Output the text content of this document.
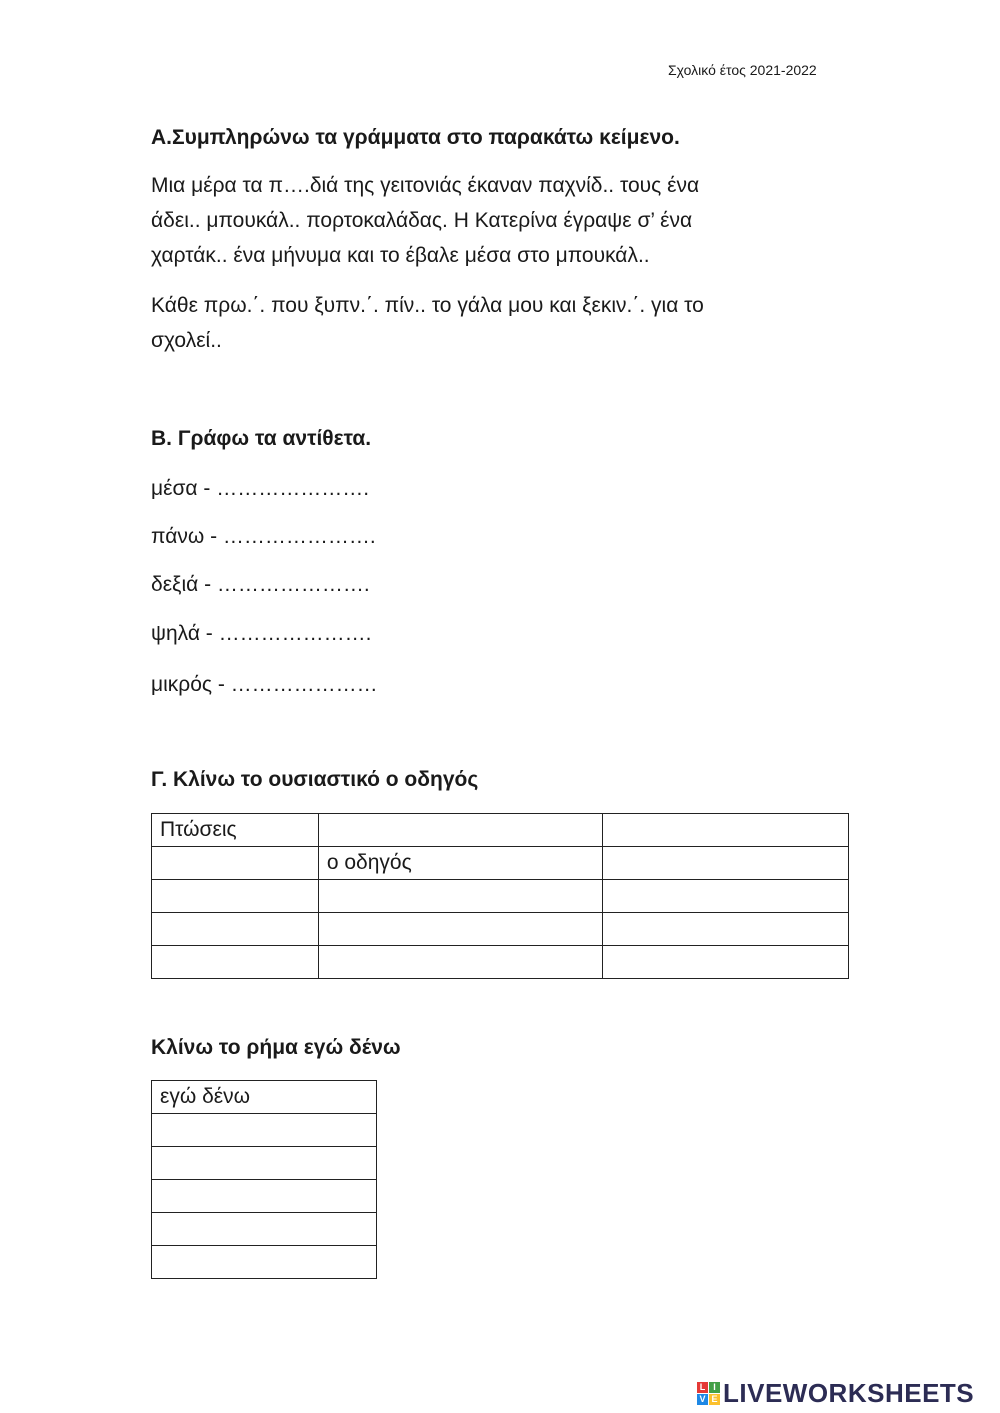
Σχολικό έτος 2021-2022
Α.Συμπληρώνω τα γράμματα στο παρακάτω κείμενο.
Μια μέρα τα π….διά της γειτονιάς έκαναν παχνίδ.. τους ένα
άδει.. μπουκάλ.. πορτοκαλάδας. Η Κατερίνα έγραψε σ’ ένα
χαρτάκ.. ένα μήνυμα και το έβαλε μέσα στο μπουκάλ..
Κάθε πρω.΄. που ξυπν.΄. πίν.. το γάλα μου και ξεκιν.΄. για το
σχολεί..
Β. Γράφω τα αντίθετα.
μέσα - ………………….
πάνω - ………………….
δεξιά - ………………….
ψηλά - ………………….
μικρός - …………………
Γ. Κλίνω το ουσιαστικό ο οδηγός
Πτώσεις		
	ο οδηγός	

Κλίνω το ρήμα εγώ δένω
εγώ δένω

L I
V E LIVEWORKSHEETS
